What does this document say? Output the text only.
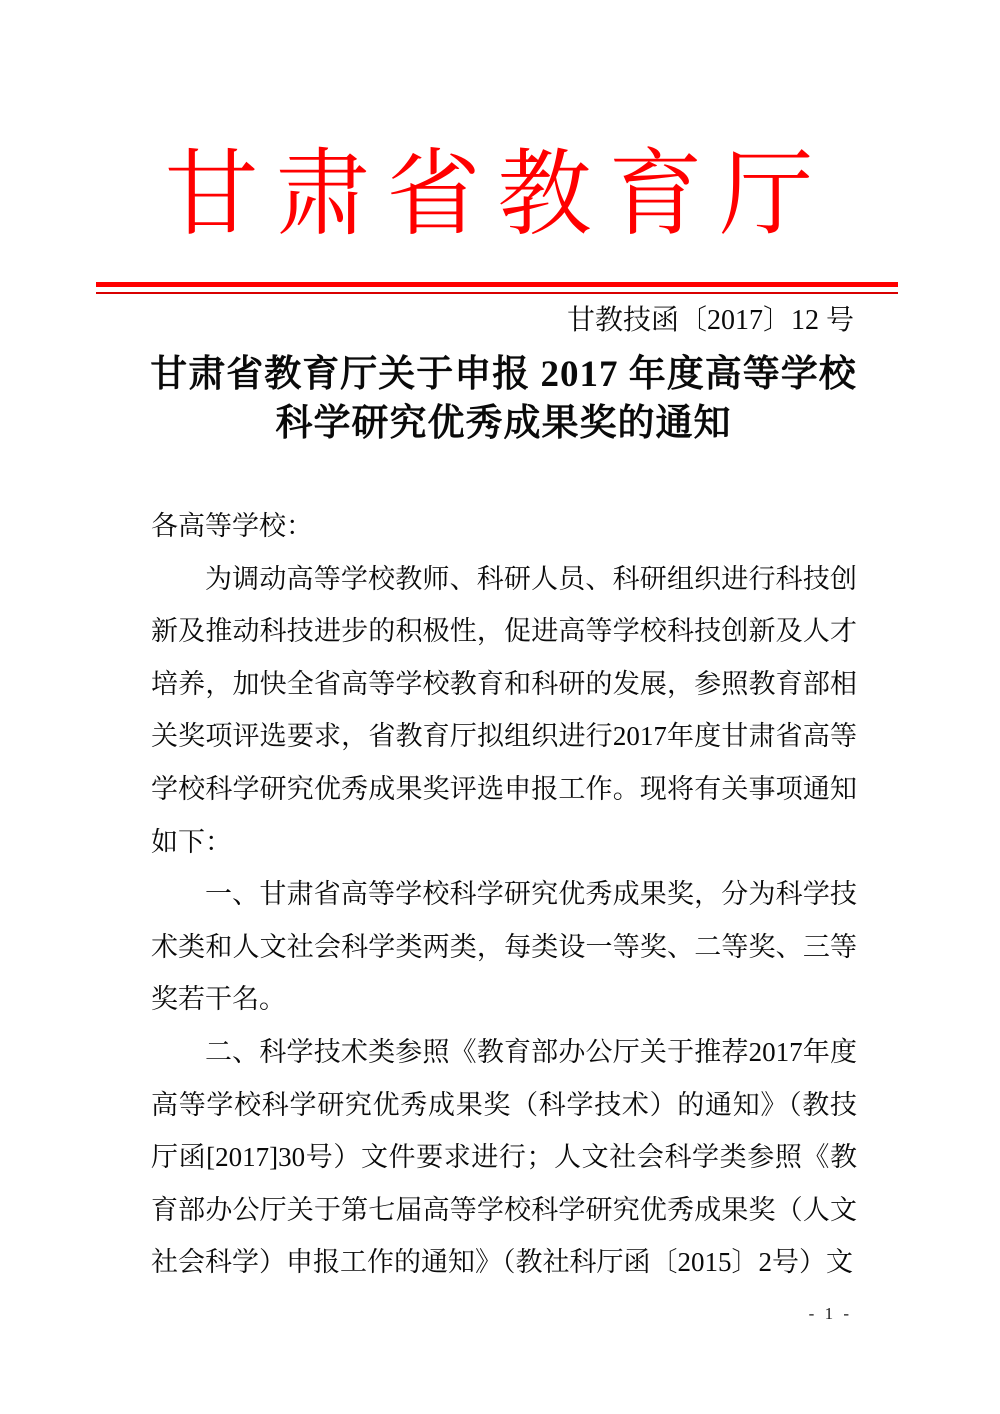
甘肃省教育厅
甘教技函〔2017〕12 号
甘肃省教育厅关于申报 2017 年度高等学校
科学研究优秀成果奖的通知

各高等学校：

为调动高等学校教师、科研人员、科研组织进行科技创新及推动科技进步的积极性，促进高等学校科技创新及人才培养，加快全省高等学校教育和科研的发展，参照教育部相关奖项评选要求，省教育厅拟组织进行2017年度甘肃省高等学校科学研究优秀成果奖评选申报工作。现将有关事项通知如下：

一、甘肃省高等学校科学研究优秀成果奖，分为科学技术类和人文社会科学类两类，每类设一等奖、二等奖、三等奖若干名。

二、科学技术类参照《教育部办公厅关于推荐2017年度高等学校科学研究优秀成果奖（科学技术）的通知》（教技厅函[2017]30号）文件要求进行；人文社会科学类参照《教育部办公厅关于第七届高等学校科学研究优秀成果奖（人文社会科学）申报工作的通知》（教社科厅函〔2015〕2号）文

- 1 -
